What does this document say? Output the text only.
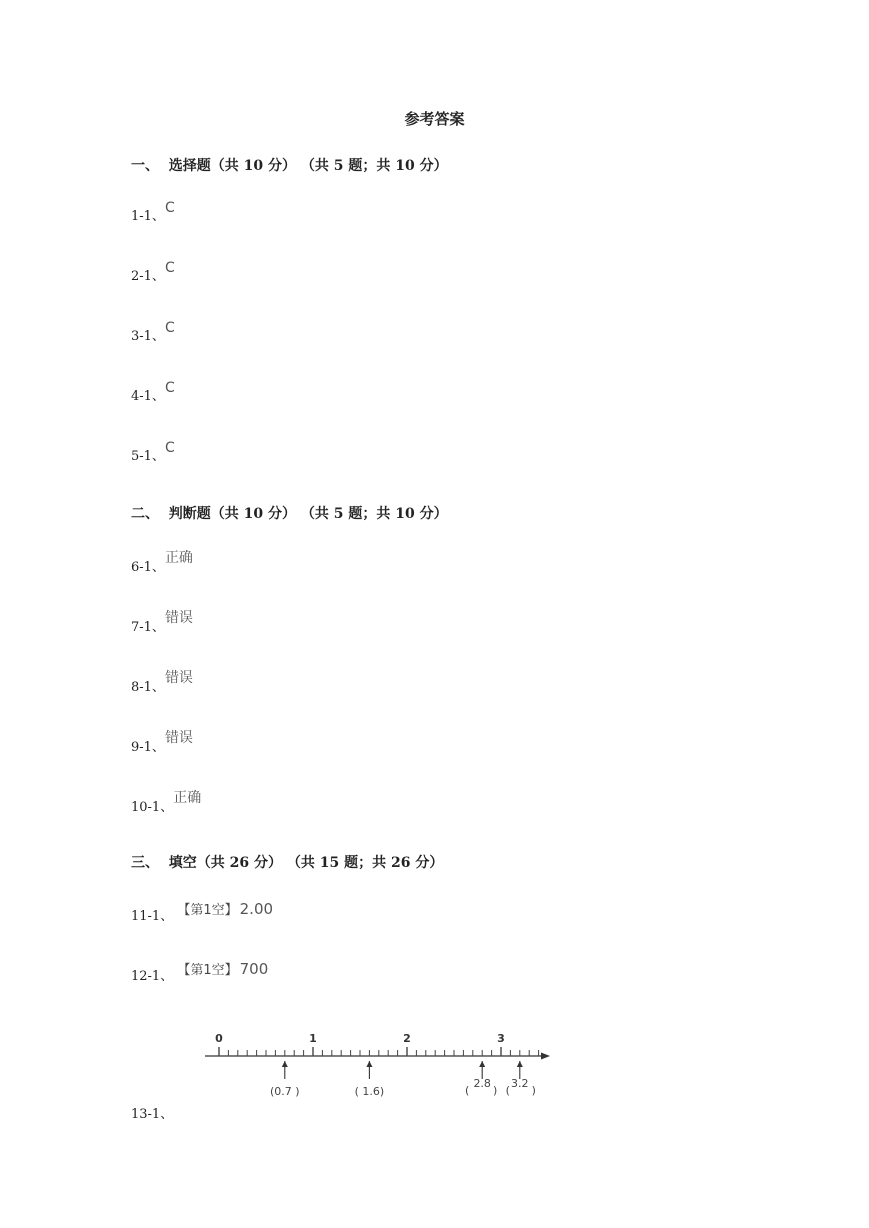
参考答案
一、  选择题（共 10 分） （共 5 题；共 10 分）
1-1、C
2-1、C
3-1、C
4-1、C
5-1、C
二、  判断题（共 10 分） （共 5 题；共 10 分）
6-1、正确
7-1、错误
8-1、错误
9-1、错误
10-1、正确
三、  填空（共 26 分） （共 15 题；共 26 分）
11-1、 【第1空】 2.00
12-1、 【第1空】 700
0	1	2	3
(0.7 )	( 1.6)
2.8 3.2
( ) ( )
13-1、
